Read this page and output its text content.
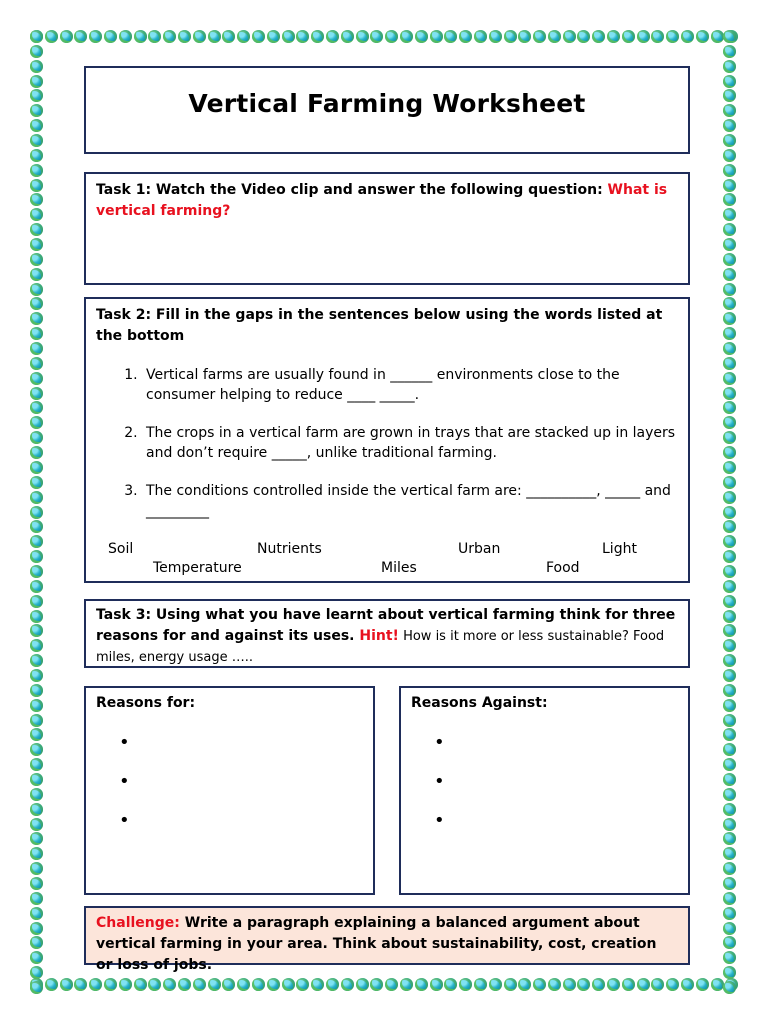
Vertical Farming Worksheet
Task 1: Watch the Video clip and answer the following question: What is vertical farming?
Task 2: Fill in the gaps in the sentences below using the words listed at the bottom
1. Vertical farms are usually found in ______ environments close to the consumer helping to reduce ____ _____.
2. The crops in a vertical farm are grown in trays that are stacked up in layers and don’t require _____, unlike traditional farming.
3. The conditions controlled inside the vertical farm are: __________, _____ and _________
Soil	Nutrients	Urban	Light
Temperature	Miles	Food
Task 3: Using what you have learnt about vertical farming think for three reasons for and against its uses. Hint! How is it more or less sustainable? Food miles, energy usage …..
Reasons for:
•
•
•
Reasons Against:
•
•
•
Challenge: Write a paragraph explaining a balanced argument about vertical farming in your area. Think about sustainability, cost, creation or loss of jobs.
